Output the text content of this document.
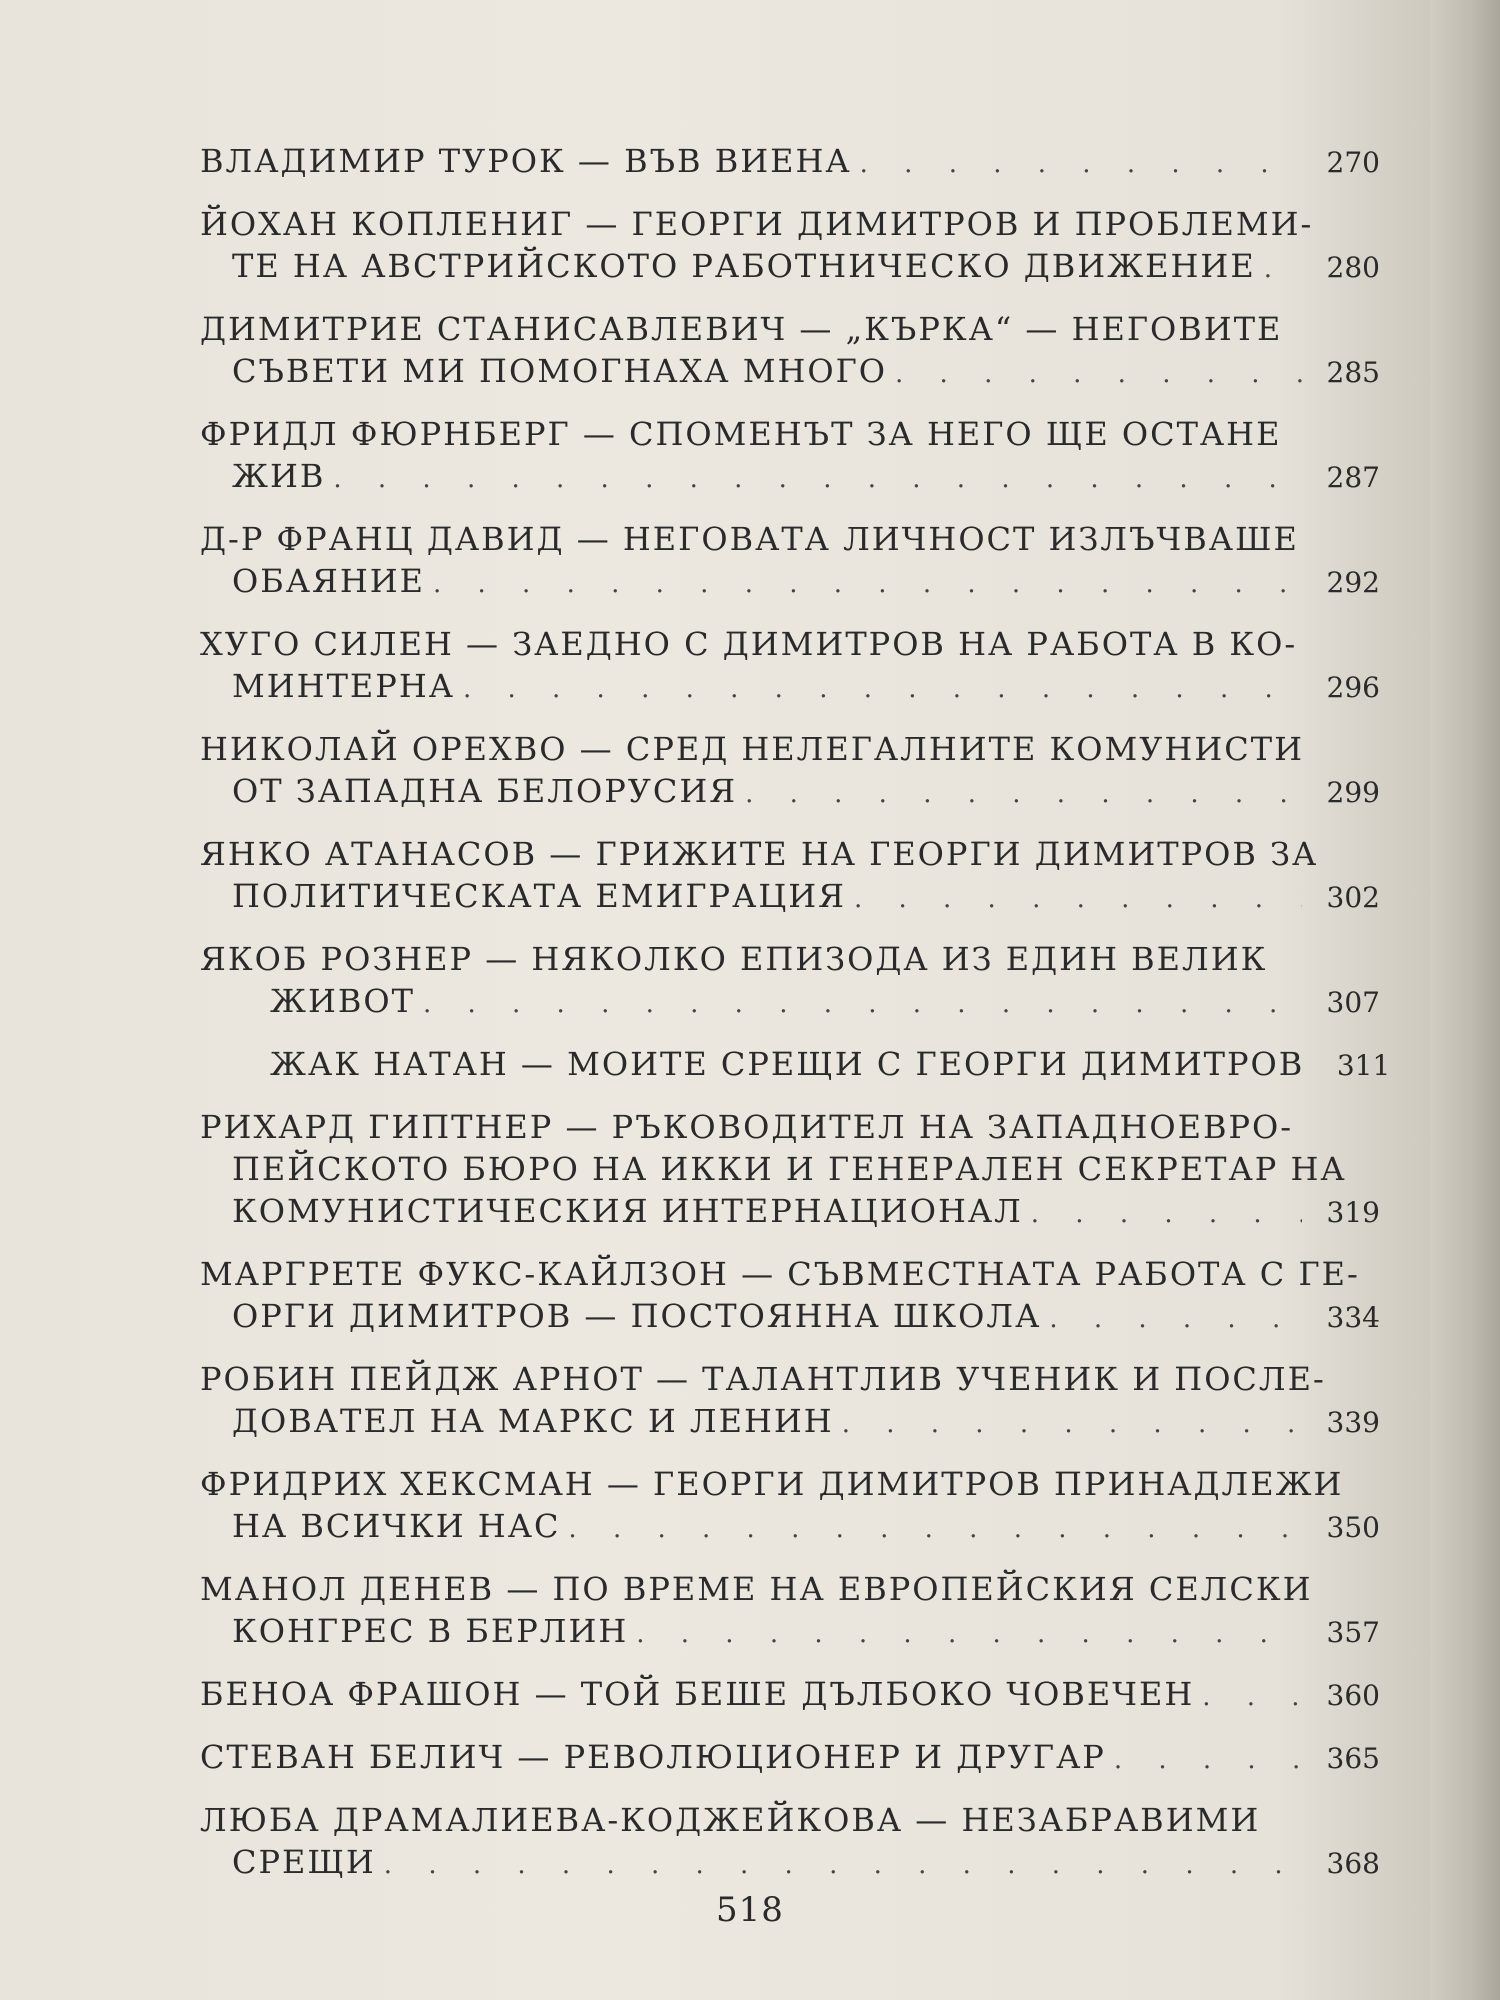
ВЛАДИМИР ТУРОК — ВЪВ ВИЕНА . . .	270
ЙОХАН КОПЛЕНИГ — ГЕОРГИ ДИМИТРОВ И ПРОБЛЕМИ-
ТЕ НА АВСТРИЙСКОТО РАБОТНИЧЕСКО ДВИЖЕНИЕ . . .	280
ДИМИТРИЕ СТАНИСАВЛЕВИЧ — „КЪРКА“ — НЕГОВИТЕ
СЪВЕТИ МИ ПОМОГНАХА МНОГО . . .	285
ФРИДЛ ФЮРНБЕРГ — СПОМЕНЪТ ЗА НЕГО ЩЕ ОСТАНЕ
ЖИВ . . .	287
Д-Р ФРАНЦ ДАВИД — НЕГОВАТА ЛИЧНОСТ ИЗЛЪЧВАШЕ
ОБАЯНИЕ . . .	292
ХУГО СИЛЕН — ЗАЕДНО С ДИМИТРОВ НА РАБОТА В КО-
МИНТЕРНА . . .	296
НИКОЛАЙ ОРЕХВО — СРЕД НЕЛЕГАЛНИТЕ КОМУНИСТИ
ОТ ЗАПАДНА БЕЛОРУСИЯ . . .	299
ЯНКО АТАНАСОВ — ГРИЖИТЕ НА ГЕОРГИ ДИМИТРОВ ЗА
ПОЛИТИЧЕСКАТА ЕМИГРАЦИЯ . . .	302
ЯКОБ РОЗНЕР — НЯКОЛКО ЕПИЗОДА ИЗ ЕДИН ВЕЛИК
ЖИВОТ . . .	307
ЖАК НАТАН — МОИТЕ СРЕЩИ С ГЕОРГИ ДИМИТРОВ	311
РИХАРД ГИПТНЕР — РЪКОВОДИТЕЛ НА ЗАПАДНОЕВРО-
ПЕЙСКОТО БЮРО НА ИККИ И ГЕНЕРАЛЕН СЕКРЕТАР НА
КОМУНИСТИЧЕСКИЯ ИНТЕРНАЦИОНАЛ . . .	319
МАРГРЕТЕ ФУКС-КАЙЛЗОН — СЪВМЕСТНАТА РАБОТА С ГЕ-
ОРГИ ДИМИТРОВ — ПОСТОЯННА ШКОЛА . . .	334
РОБИН ПЕЙДЖ АРНОТ — ТАЛАНТЛИВ УЧЕНИК И ПОСЛЕ-
ДОВАТЕЛ НА МАРКС И ЛЕНИН . . .	339
ФРИДРИХ ХЕКСМАН — ГЕОРГИ ДИМИТРОВ ПРИНАДЛЕЖИ
НА ВСИЧКИ НАС . . .	350
МАНОЛ ДЕНЕВ — ПО ВРЕМЕ НА ЕВРОПЕЙСКИЯ СЕЛСКИ
КОНГРЕС В БЕРЛИН . . .	357
БЕНОА ФРАШОН — ТОЙ БЕШЕ ДЪЛБОКО ЧОВЕЧЕН . . .	360
СТЕВАН БЕЛИЧ — РЕВОЛЮЦИОНЕР И ДРУГАР . . .	365
ЛЮБА ДРАМАЛИЕВА-КОДЖЕЙКОВА — НЕЗАБРАВИМИ
СРЕЩИ . . .	368
518
